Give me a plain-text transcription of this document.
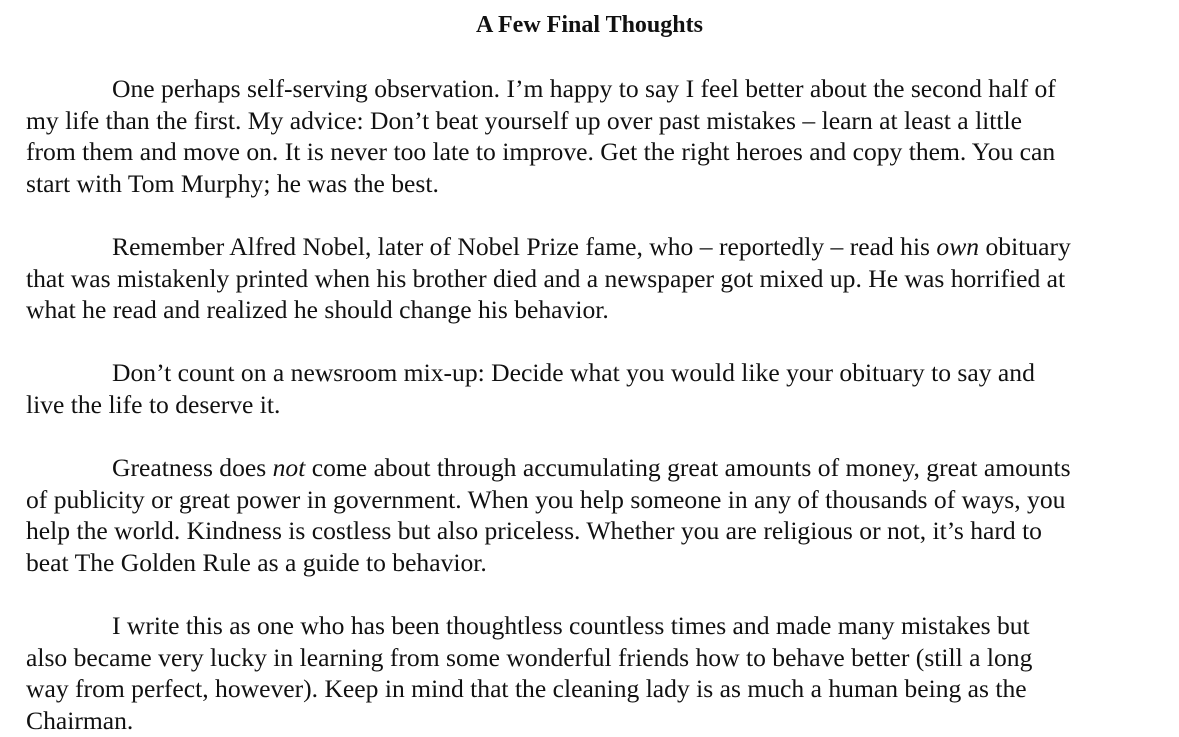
A Few Final Thoughts

One perhaps self-serving observation. I’m happy to say I feel better about the second half of
my life than the first. My advice: Don’t beat yourself up over past mistakes – learn at least a little
from them and move on. It is never too late to improve. Get the right heroes and copy them. You can
start with Tom Murphy; he was the best.

Remember Alfred Nobel, later of Nobel Prize fame, who – reportedly – read his own obituary
that was mistakenly printed when his brother died and a newspaper got mixed up. He was horrified at
what he read and realized he should change his behavior.

Don’t count on a newsroom mix-up: Decide what you would like your obituary to say and
live the life to deserve it.

Greatness does not come about through accumulating great amounts of money, great amounts
of publicity or great power in government. When you help someone in any of thousands of ways, you
help the world. Kindness is costless but also priceless. Whether you are religious or not, it’s hard to
beat The Golden Rule as a guide to behavior.

I write this as one who has been thoughtless countless times and made many mistakes but
also became very lucky in learning from some wonderful friends how to behave better (still a long
way from perfect, however). Keep in mind that the cleaning lady is as much a human being as the
Chairman.
